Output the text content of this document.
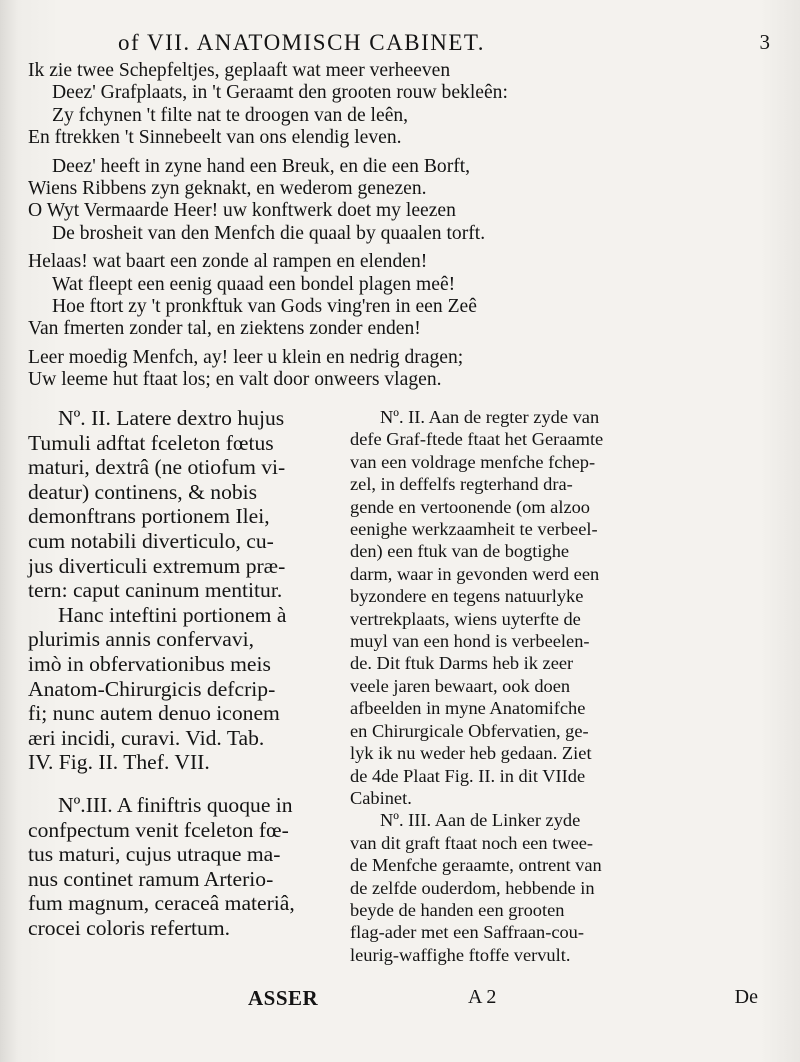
of VII. ANATOMISCH CABINET.	3
Ik zie twee Schepfeltjes, geplaaft wat meer verheeven
Deez' Grafplaats, in 't Geraamt den grooten rouw bekleên:
Zy fchynen 't filte nat te droogen van de leên,
En ftrekken 't Sinnebeelt van ons elendig leven.
Deez' heeft in zyne hand een Breuk, en die een Borft,
Wiens Ribbens zyn geknakt, en wederom genezen.
O Wyt Vermaarde Heer! uw konftwerk doet my leezen
De brosheit van den Menfch die quaal by quaalen torft.
Helaas! wat baart een zonde al rampen en elenden!
Wat fleept een eenig quaad een bondel plagen meê!
Hoe ftort zy 't pronkftuk van Gods ving'ren in een Zeê
Van fmerten zonder tal, en ziektens zonder enden!
Leer moedig Menfch, ay! leer u klein en nedrig dragen;
Uw leeme hut ftaat los; en valt door onweers vlagen.
Nº. II. Latere dextro hujus
Tumuli adftat fceleton fœtus
maturi, dextrâ (ne otiofum vi-
deatur) continens, & nobis
demonftrans portionem Ilei,
cum notabili diverticulo, cu-
jus diverticuli extremum præ-
tern: caput caninum mentitur.
Hanc inteftini portionem à
plurimis annis confervavi,
imò in obfervationibus meis
Anatom-Chirurgicis defcrip-
fi; nunc autem denuo iconem
æri incidi, curavi. Vid. Tab.
IV. Fig. II. Thef. VII.
Nº.III. A finiftris quoque in
confpectum venit fceleton fœ-
tus maturi, cujus utraque ma-
nus continet ramum Arterio-
fum magnum, ceraceâ materiâ,
crocei coloris refertum.
Nº. II. Aan de regter zyde van
defe Graf-ftede ftaat het Geraamte
van een voldrage menfche fchep-
zel, in deffelfs regterhand dra-
gende en vertoonende (om alzoo
eenighe werkzaamheit te verbeel-
den) een ftuk van de bogtighe
darm, waar in gevonden werd een
byzondere en tegens natuurlyke
vertrekplaats, wiens uyterfte de
muyl van een hond is verbeelen-
de. Dit ftuk Darms heb ik zeer
veele jaren bewaart, ook doen
afbeelden in myne Anatomifche
en Chirurgicale Obfervatien, ge-
lyk ik nu weder heb gedaan. Ziet
de 4de Plaat Fig. II. in dit VIIde
Cabinet.
Nº. III. Aan de Linker zyde
van dit graft ftaat noch een twee-
de Menfche geraamte, ontrent van
de zelfde ouderdom, hebbende in
beyde de handen een grooten
flag-ader met een Saffraan-cou-
leurig-waffighe ftoffe vervult.
ASSER	A 2	De
